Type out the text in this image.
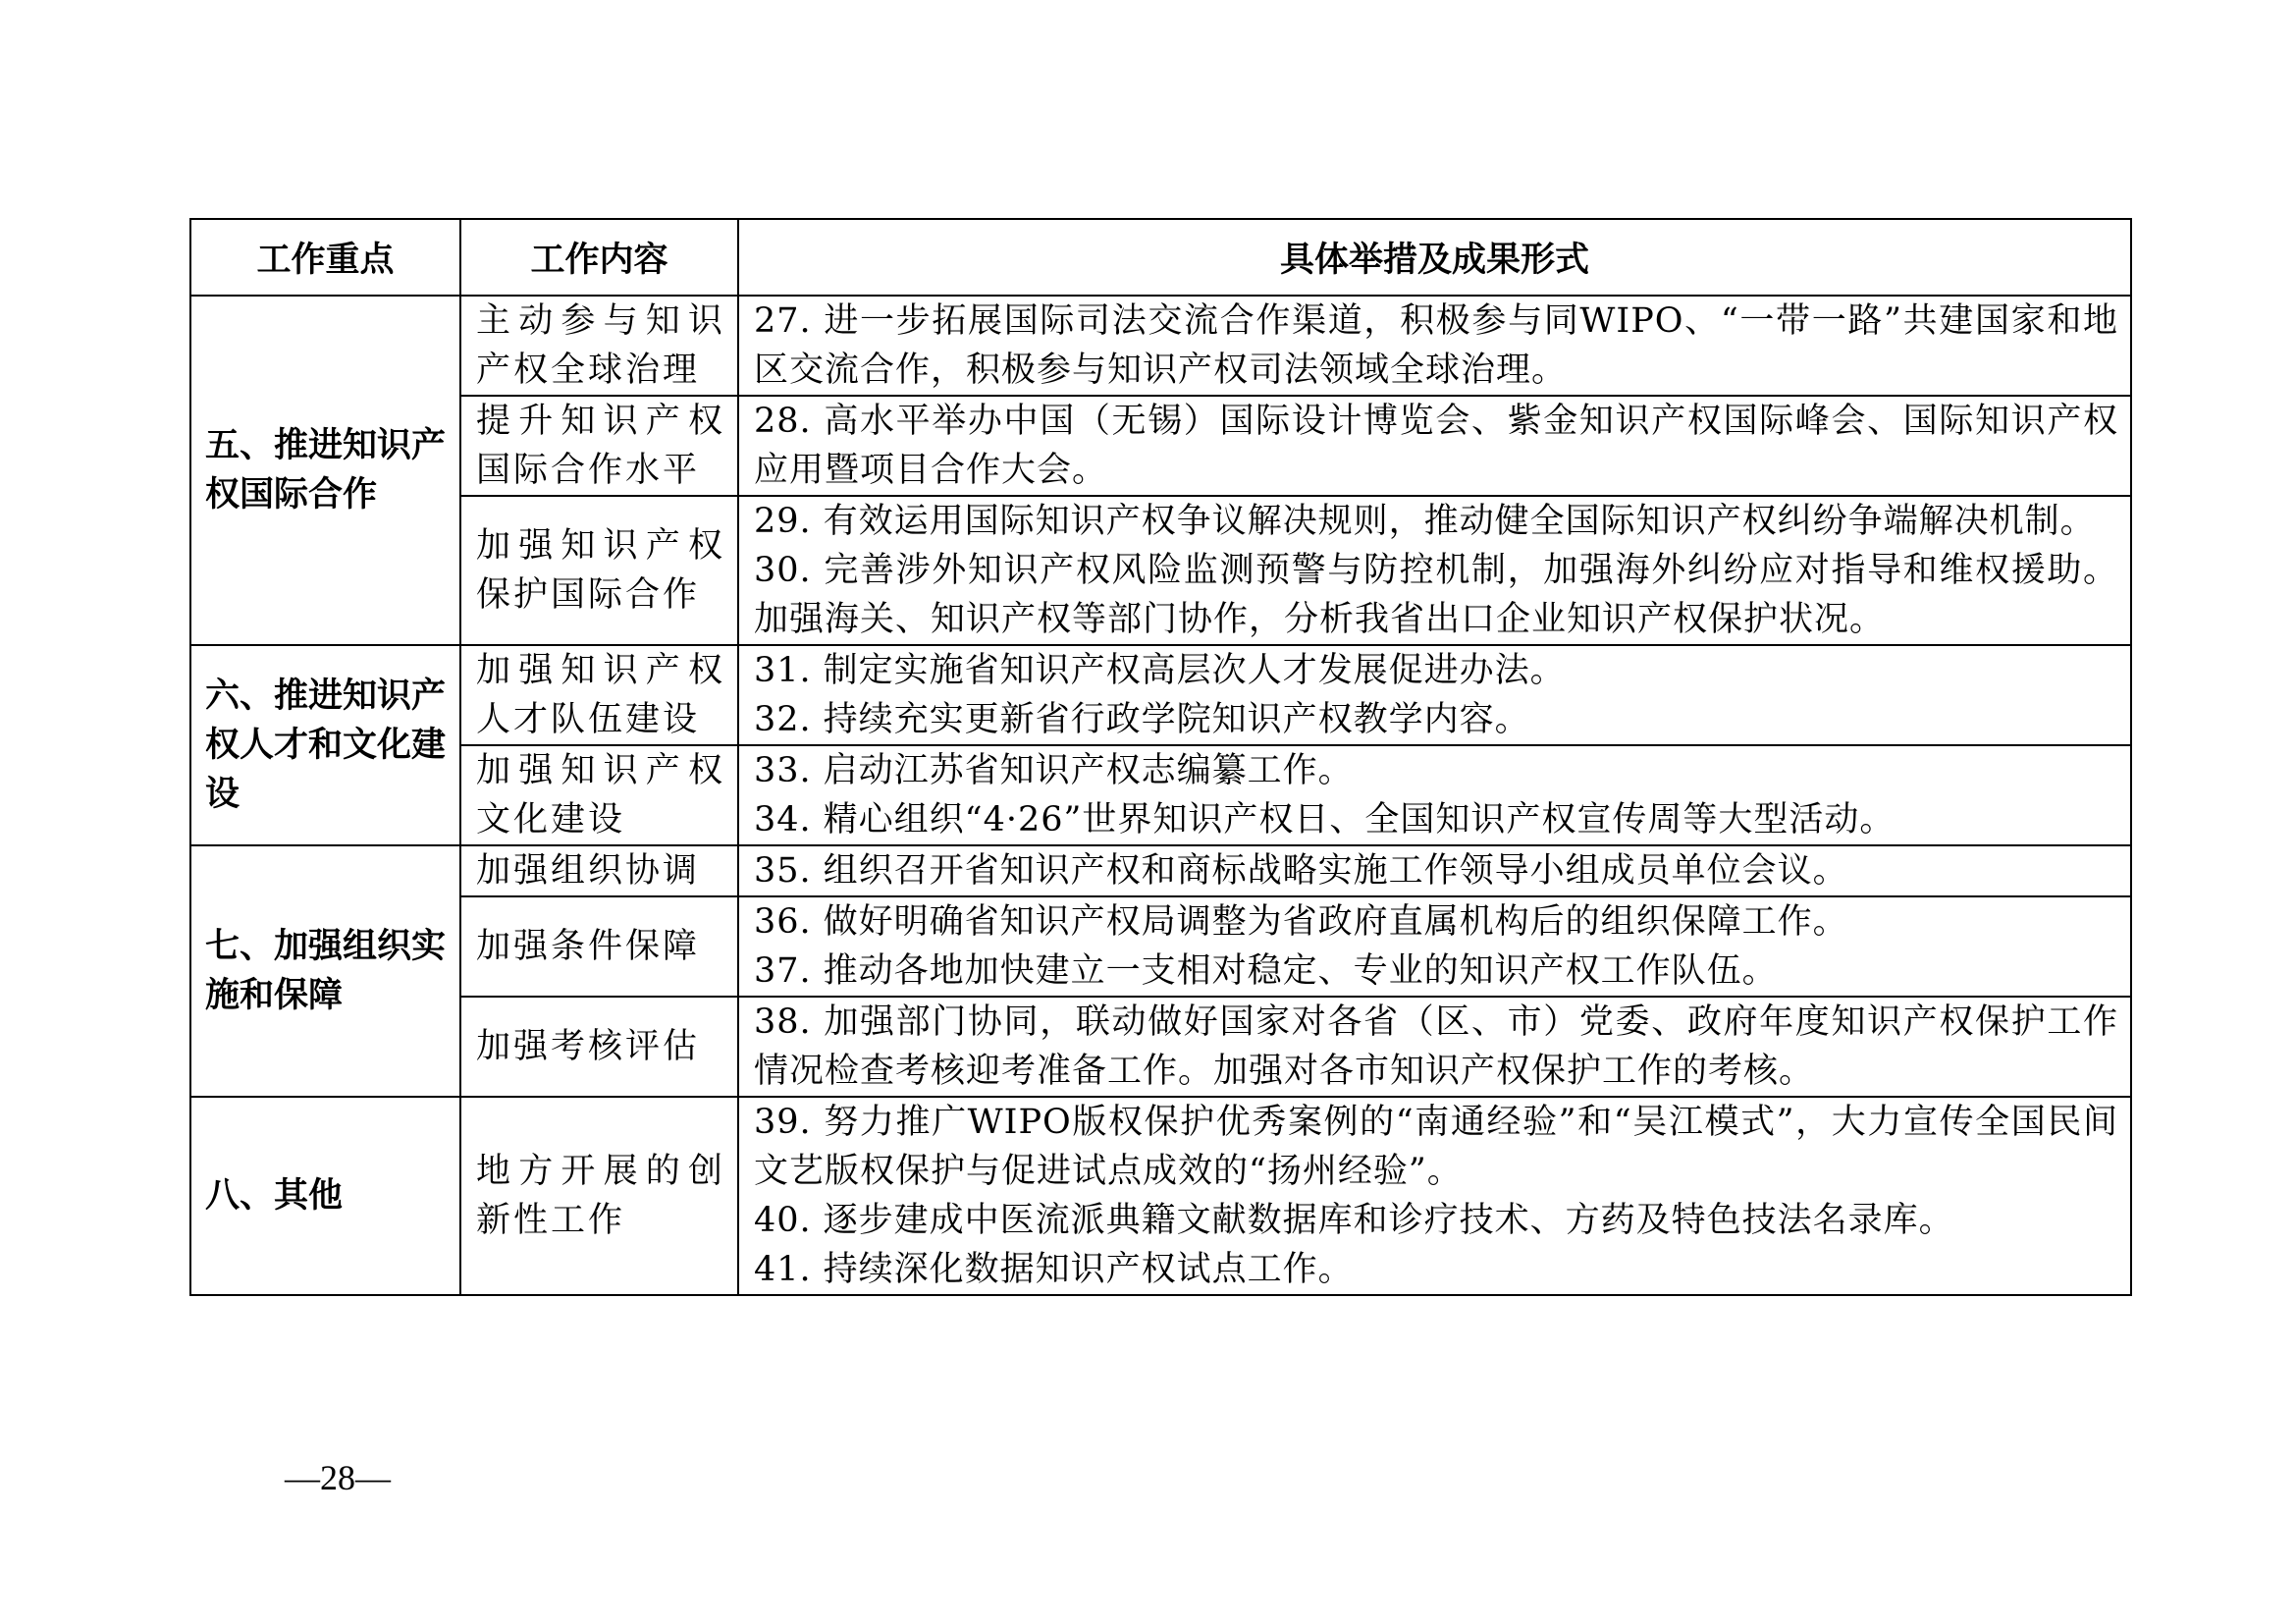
工作重点	工作内容	具体举措及成果形式
五、推进知识产权国际合作	主动参与知识产权全球治理	27. 进一步拓展国际司法交流合作渠道，积极参与同WIPO、“一带一路”共建国家和地区交流合作，积极参与知识产权司法领域全球治理。

	提升知识产权国际合作水平	28. 高水平举办中国（无锡）国际设计博览会、紫金知识产权国际峰会、国际知识产权应用暨项目合作大会。

	加强知识产权保护国际合作	29. 有效运用国际知识产权争议解决规则，推动健全国际知识产权纠纷争端解决机制。
30. 完善涉外知识产权风险监测预警与防控机制，加强海外纠纷应对指导和维权援助。加强海关、知识产权等部门协作，分析我省出口企业知识产权保护状况。

六、推进知识产权人才和文化建设	加强知识产权人才队伍建设	31. 制定实施省知识产权高层次人才发展促进办法。
32. 持续充实更新省行政学院知识产权教学内容。

	加强知识产权文化建设	33. 启动江苏省知识产权志编纂工作。
34. 精心组织“4·26”世界知识产权日、全国知识产权宣传周等大型活动。

七、加强组织实施和保障	加强组织协调	35. 组织召开省知识产权和商标战略实施工作领导小组成员单位会议。

	加强条件保障	36. 做好明确省知识产权局调整为省政府直属机构后的组织保障工作。
37. 推动各地加快建立一支相对稳定、专业的知识产权工作队伍。

	加强考核评估	38. 加强部门协同，联动做好国家对各省（区、市）党委、政府年度知识产权保护工作情况检查考核迎考准备工作。加强对各市知识产权保护工作的考核。

八、其他	地方开展的创新性工作	39. 努力推广WIPO版权保护优秀案例的“南通经验”和“吴江模式”，大力宣传全国民间文艺版权保护与促进试点成效的“扬州经验”。
40. 逐步建成中医流派典籍文献数据库和诊疗技术、方药及特色技法名录库。
41. 持续深化数据知识产权试点工作。
—28—
